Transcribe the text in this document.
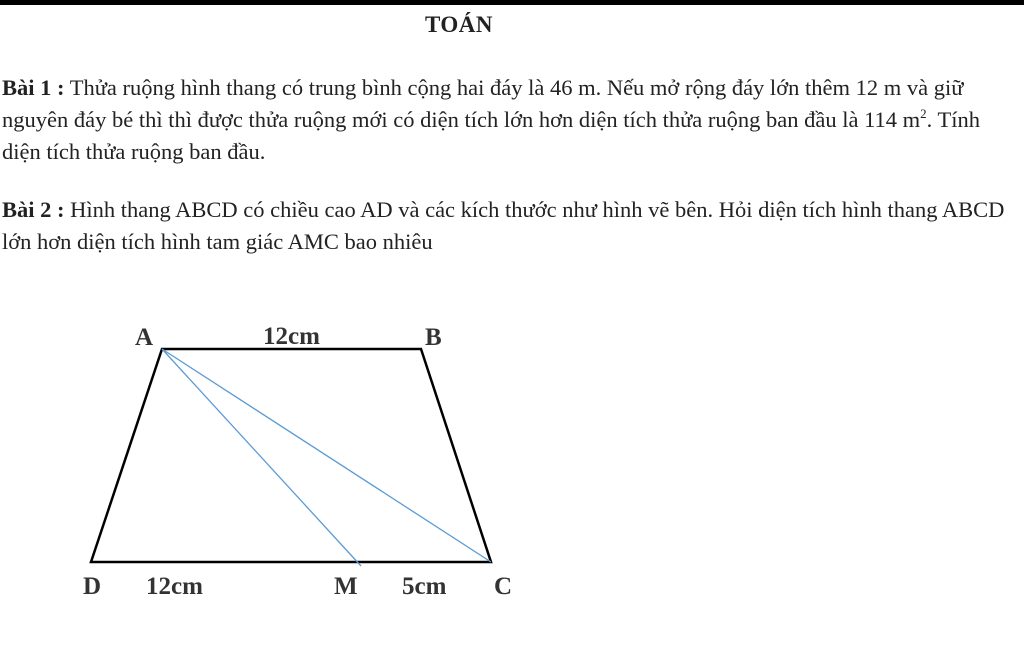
TOÁN

Bài 1 : Thửa ruộng hình thang có trung bình cộng hai đáy là 46 m. Nếu mở rộng đáy lớn thêm 12 m và giữ nguyên đáy bé thì thì được thửa ruộng mới có diện tích lớn hơn diện tích thửa ruộng ban đầu là 114 $m^2$. Tính diện tích thửa ruộng ban đầu.

Bài 2 : Hình thang ABCD có chiều cao AD và các kích thước như hình vẽ bên. Hỏi diện tích hình thang ABCD lớn hơn diện tích hình tam giác AMC bao nhiêu

A	B
12cm
D 12cm	M 5cm C
